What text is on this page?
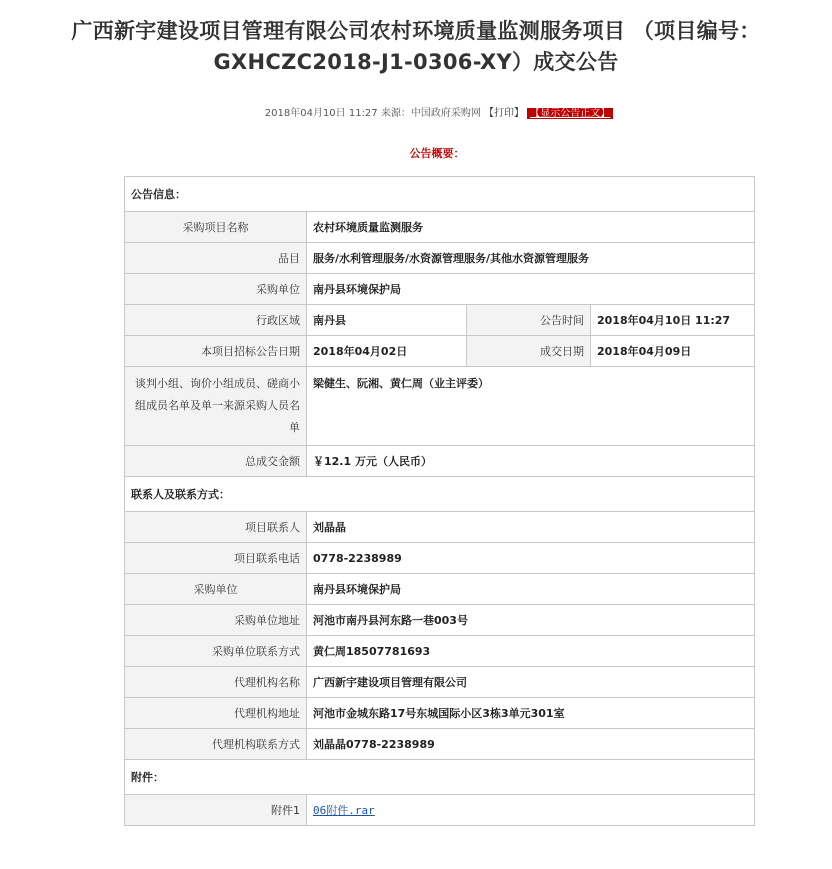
广西新宇建设项目管理有限公司农村环境质量监测服务项目 （项目编号：
GXHCZC2018-J1-0306-XY）成交公告
2018年04月10日 11:27 来源：中国政府采购网 【打印】 【显示公告正文】
公告概要：
公告信息：			
采购项目名称	农村环境质量监测服务		
品目	服务/水利管理服务/水资源管理服务/其他水资源管理服务		
采购单位	南丹县环境保护局		
行政区域	南丹县	公告时间	2018年04月10日 11:27
本项目招标公告日期	2018年04月02日	成交日期	2018年04月09日
谈判小组、询价小组成员、磋商小组成员名单及单一来源采购人员名单	梁健生、阮湘、黄仁周（业主评委）		
总成交金额	￥12.1 万元（人民币）		
联系人及联系方式：			
项目联系人	刘晶晶		
项目联系电话	0778-2238989		
采购单位	南丹县环境保护局		
采购单位地址	河池市南丹县河东路一巷003号		
采购单位联系方式	黄仁周18507781693		
代理机构名称	广西新宇建设项目管理有限公司		
代理机构地址	河池市金城东路17号东城国际小区3栋3单元301室		
代理机构联系方式	刘晶晶0778-2238989		
附件：			
附件1	06附件.rar		
